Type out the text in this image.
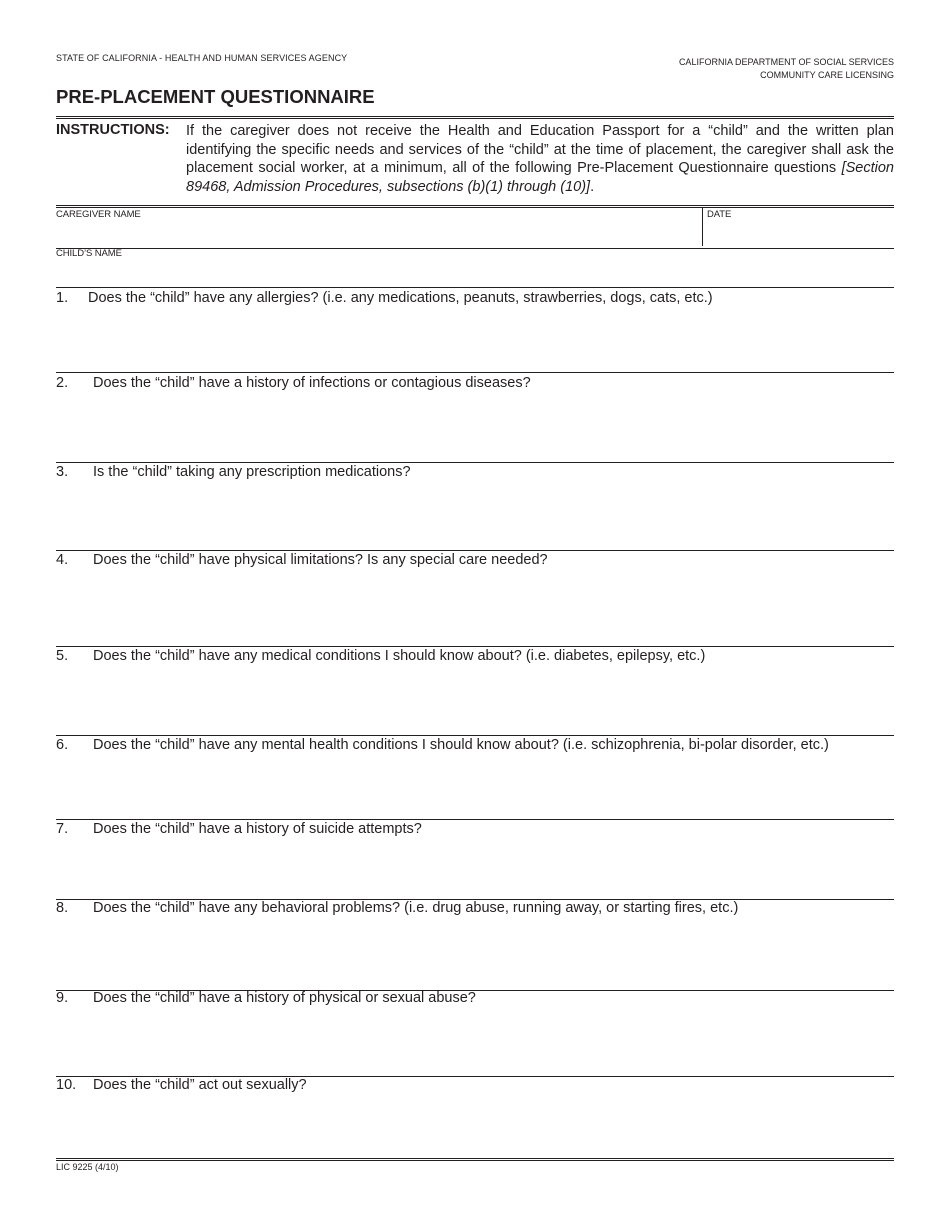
STATE OF CALIFORNIA - HEALTH AND HUMAN SERVICES AGENCY	CALIFORNIA DEPARTMENT OF SOCIAL SERVICES
COMMUNITY CARE LICENSING
PRE-PLACEMENT QUESTIONNAIRE
INSTRUCTIONS: If the caregiver does not receive the Health and Education Passport for a “child” and the written plan identifying the specific needs and services of the “child” at the time of placement, the caregiver shall ask the placement social worker, at a minimum, all of the following Pre-Placement Questionnaire questions [Section 89468, Admission Procedures, subsections (b)(1) through (10)].
CAREGIVER NAME	DATE
CHILD’S NAME
1. Does the “child” have any allergies? (i.e. any medications, peanuts, strawberries, dogs, cats, etc.)
2. Does the “child” have a history of infections or contagious diseases?
3. Is the “child” taking any prescription medications?
4. Does the “child” have physical limitations? Is any special care needed?
5. Does the “child” have any medical conditions I should know about? (i.e. diabetes, epilepsy, etc.)
6. Does the “child” have any mental health conditions I should know about? (i.e. schizophrenia, bi-polar disorder, etc.)
7. Does the “child” have a history of suicide attempts?
8. Does the “child” have any behavioral problems? (i.e. drug abuse, running away, or starting fires, etc.)
9. Does the “child” have a history of physical or sexual abuse?
10. Does the “child” act out sexually?
LIC 9225 (4/10)
